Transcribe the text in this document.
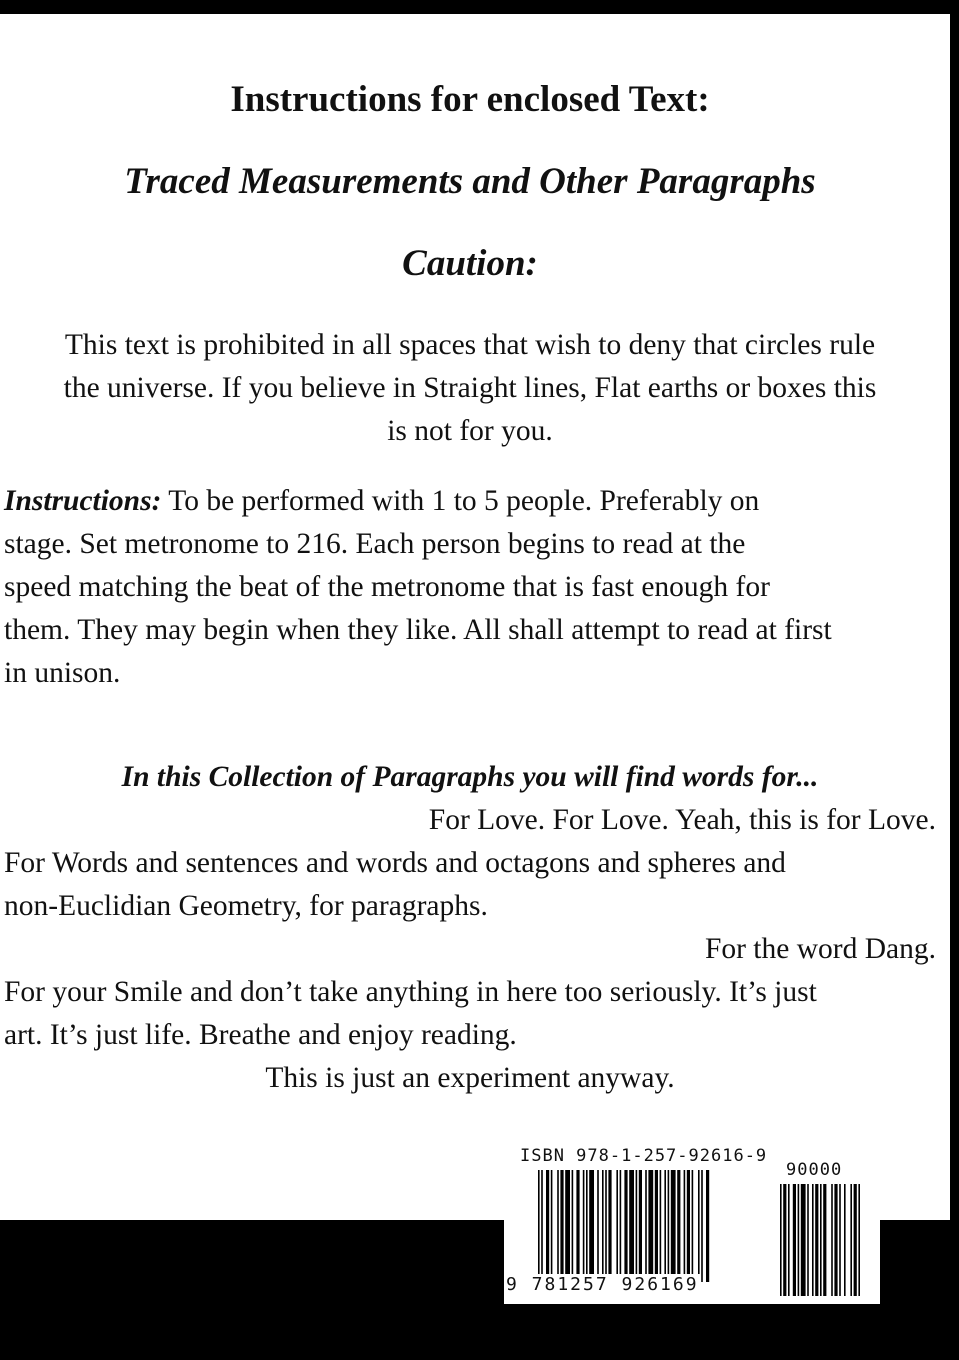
Instructions for enclosed Text:
Traced Measurements and Other Paragraphs
Caution:
This text is prohibited in all spaces that wish to deny that circles rule
the universe. If you believe in Straight lines, Flat earths or boxes this
is not for you.
Instructions: To be performed with 1 to 5 people. Preferably on
stage. Set metronome to 216. Each person begins to read at the
speed matching the beat of the metronome that is fast enough for
them. They may begin when they like. All shall attempt to read at first
in unison.
In this Collection of Paragraphs you will find words for...
For Love. For Love. Yeah, this is for Love.
For Words and sentences and words and octagons and spheres and
non-Euclidian Geometry, for paragraphs.
For the word Dang.
For your Smile and don’t take anything in here too seriously. It’s just
art. It’s just life. Breathe and enjoy reading.
This is just an experiment anyway.
ISBN 978-1-257-92616-9
90000
9 781257 926169
